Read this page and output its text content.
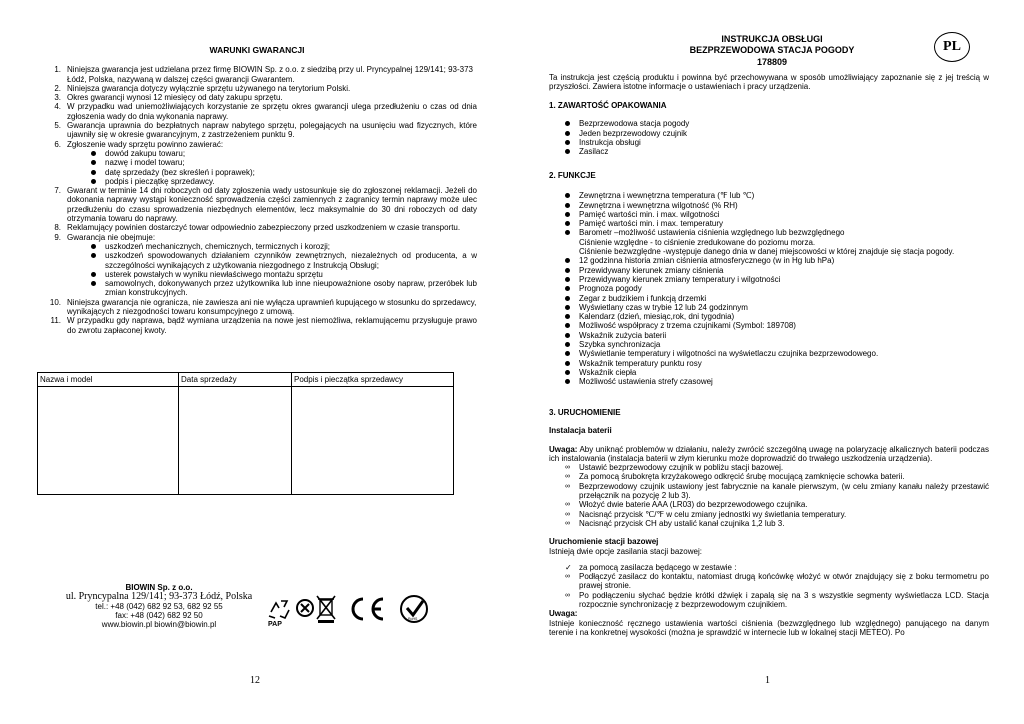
WARUNKI GWARANCJI
1. Niniejsza gwarancja jest udzielana przez firmę BIOWIN Sp. z o.o. z siedzibą przy ul. Pryncypalnej 129/141; 93-373 Łódź, Polska, nazywaną w dalszej części gwarancji Gwarantem.
2. Niniejsza gwarancja dotyczy wyłącznie sprzętu używanego na terytorium Polski.
3. Okres gwarancji wynosi 12 miesięcy od daty zakupu sprzętu.
4. W przypadku wad uniemożliwiających korzystanie ze sprzętu okres gwarancji ulega przedłużeniu o czas od dnia zgłoszenia wady do dnia wykonania naprawy.
5. Gwarancja uprawnia do bezpłatnych napraw nabytego sprzętu, polegających na usunięciu wad fizycznych, które ujawniły się w okresie gwarancyjnym, z zastrzeżeniem punktu 9.
6. Zgłoszenie wady sprzętu powinno zawierać:
dowód zakupu towaru;
nazwę i model towaru;
datę sprzedaży (bez skreśleń i poprawek);
podpis i pieczątkę sprzedawcy.
7. Gwarant w terminie 14 dni roboczych od daty zgłoszenia wady ustosunkuje się do zgłoszonej reklamacji. Jeżeli do dokonania naprawy wystąpi konieczność sprowadzenia części zamiennych z zagranicy termin naprawy może ulec przedłużeniu do czasu sprowadzenia niezbędnych elementów, lecz maksymalnie do 30 dni roboczych od daty otrzymania towaru do naprawy.
8. Reklamujący powinien dostarczyć towar odpowiednio zabezpieczony przed uszkodzeniem w czasie transportu.
9. Gwarancja nie obejmuje:
uszkodzeń mechanicznych, chemicznych, termicznych i korozji;
uszkodzeń spowodowanych działaniem czynników zewnętrznych, niezależnych od producenta, a w szczególności wynikających z użytkowania niezgodnego z Instrukcją Obsługi;
usterek powstałych w wyniku niewłaściwego montażu sprzętu
samowolnych, dokonywanych przez użytkownika lub inne nieupoważnione osoby napraw, przeróbek lub zmian konstrukcyjnych.
10. Niniejsza gwarancja nie ogranicza, nie zawiesza ani nie wyłącza uprawnień kupującego w stosunku do sprzedawcy, wynikających z niezgodności towaru konsumpcyjnego z umową.
11. W przypadku gdy naprawa, bądź wymiana urządzenia na nowe jest niemożliwa, reklamującemu przysługuje prawo do zwrotu zapłaconej kwoty.
Nazwa i model	Data sprzedaży	Podpis i pieczątka sprzedawcy

BIOWIN Sp. z o.o.
ul. Pryncypalna 129/141; 93-373 Łódź, Polska
tel.: +48 (042) 682 92 53, 682 92 55
fax: +48 (042) 682 92 50
www.biowin.pl biowin@biowin.pl	PAP
RoHS
12
INSTRUKCJA OBSŁUGI
BEZPRZEWODOWA STACJA POGODY
178809
PL
Ta instrukcja jest częścią produktu i powinna być przechowywana w sposób umożliwiający zapoznanie się z jej treścią w przyszłości. Zawiera istotne informacje o ustawieniach i pracy urządzenia.
1. ZAWARTOŚĆ OPAKOWANIA
Bezprzewodowa stacja pogody
Jeden bezprzewodowy czujnik
Instrukcja obsługi
Zasilacz
2. FUNKCJE
Zewnętrzna i wewnętrzna temperatura (℉ lub ℃)
Zewnętrzna i wewnętrzna wilgotność (% RH)
Pamięć wartości min. i max. wilgotności
Pamięć wartości min. i max. temperatury
Barometr –możliwość ustawienia ciśnienia względnego lub bezwzględnego
Ciśnienie względne - to ciśnienie zredukowane do poziomu morza.
Ciśnienie bezwzględne -występuje danego dnia w danej miejscowości w której znajduje się stacja pogody.
12 godzinna historia zmian ciśnienia atmosferycznego (w in Hg lub hPa)
Przewidywany kierunek zmiany ciśnienia
Przewidywany kierunek zmiany temperatury i wilgotności
Prognoza pogody
Zegar z budzikiem i funkcją drzemki
Wyświetlany czas w trybie 12 lub 24 godzinnym
Kalendarz (dzień, miesiąc,rok, dni tygodnia)
Możliwość współpracy z trzema czujnikami (Symbol: 189708)
Wskaźnik zużycia baterii
Szybka synchronizacja
Wyświetlanie temperatury i wilgotności na wyświetlaczu czujnika bezprzewodowego.
Wskaźnik temperatury punktu rosy
Wskaźnik ciepła
Możliwość ustawienia strefy czasowej
3. URUCHOMIENIE
Instalacja baterii
Uwaga: Aby uniknąć problemów w działaniu, należy zwrócić szczególną uwagę na polaryzację alkalicznych baterii podczas ich instalowania (instalacja baterii w złym kierunku może doprowadzić do trwałego uszkodzenia urządzenia).
∞ Ustawić bezprzewodowy czujnik w pobliżu stacji bazowej.
∞ Za pomocą śrubokręta krzyżakowego odkręcić śrubę mocującą zamknięcie schowka baterii.
∞ Bezprzewodowy czujnik ustawiony jest fabrycznie na kanale pierwszym, (w celu zmiany kanału należy przestawić przełącznik na pozycję 2 lub 3).
∞ Włożyć dwie baterie AAA (LR03) do bezprzewodowego czujnika.
∞ Nacisnąć przycisk ℃/℉ w celu zmiany jednostki wy świetlania temperatury.
∞ Nacisnąć przycisk CH aby ustalić kanał czujnika 1,2 lub 3.
Uruchomienie stacji bazowej
Istnieją dwie opcje zasilania stacji bazowej:
✓ za pomocą zasilacza będącego w zestawie :
∞ Podłączyć zasilacz do kontaktu, natomiast drugą końcówkę włożyć w otwór znajdujący się z boku termometru po prawej stronie.
∞ Po podłączeniu słychać będzie krótki dźwięk i zapalą się na 3 s wszystkie segmenty wyświetlacza LCD. Stacja rozpocznie synchronizację z bezprzewodowym czujnikiem.
Uwaga:
Istnieje konieczność ręcznego ustawienia wartości ciśnienia (bezwzględnego lub względnego) panującego na danym terenie i na konkretnej wysokości (można je sprawdzić w internecie lub w lokalnej stacji METEO). Po
1
